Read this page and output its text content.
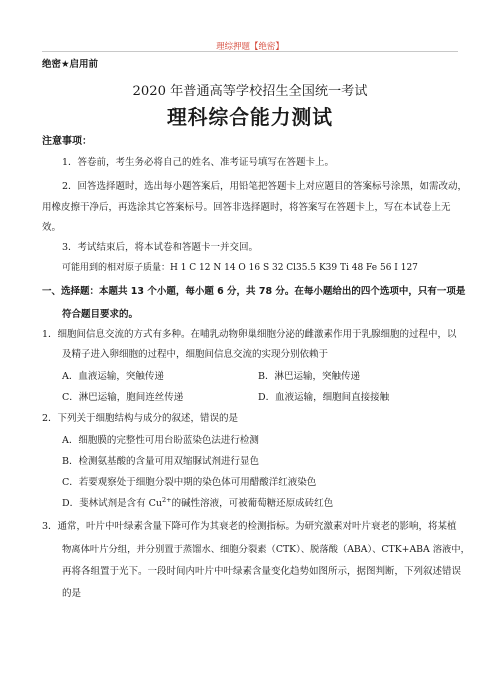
理综押题【绝密】
绝密★启用前
2020 年普通高等学校招生全国统一考试
理科综合能力测试
注意事项：
1．答卷前，考生务必将自己的姓名、准考证号填写在答题卡上。
2．回答选择题时，选出每小题答案后，用铅笔把答题卡上对应题目的答案标号涂黑，如需改动，
用橡皮擦干净后，再选涂其它答案标号。回答非选择题时，将答案写在答题卡上，写在本试卷上无
效。
3．考试结束后，将本试卷和答题卡一并交回。
可能用到的相对原子质量：H 1 C 12 N 14 O 16 S 32 Cl35.5 K39 Ti 48 Fe 56 I 127
一、选择题：本题共 13 个小题，每小题 6 分，共 78 分。在每小题给出的四个选项中，只有一项是
符合题目要求的。
1．细胞间信息交流的方式有多种。在哺乳动物卵巢细胞分泌的雌激素作用于乳腺细胞的过程中，以
及精子进入卵细胞的过程中，细胞间信息交流的实现分别依赖于
A．血液运输，突触传递	B．淋巴运输，突触传递
C．淋巴运输，胞间连丝传递	D．血液运输，细胞间直接接触
2．下列关于细胞结构与成分的叙述，错误的是
A．细胞膜的完整性可用台盼蓝染色法进行检测
B．检测氨基酸的含量可用双缩脲试剂进行显色
C．若要观察处于细胞分裂中期的染色体可用醋酸洋红液染色
D．斐林试剂是含有 $Cu^{2+}$的碱性溶液，可被葡萄糖还原成砖红色
3．通常，叶片中叶绿素含量下降可作为其衰老的检测指标。为研究激素对叶片衰老的影响，将某植
物离体叶片分组，并分别置于蒸馏水、细胞分裂素（CTK）、脱落酸（ABA）、CTK+ABA 溶液中，
再将各组置于光下。一段时间内叶片中叶绿素含量变化趋势如图所示，据图判断，下列叙述错误
的是
